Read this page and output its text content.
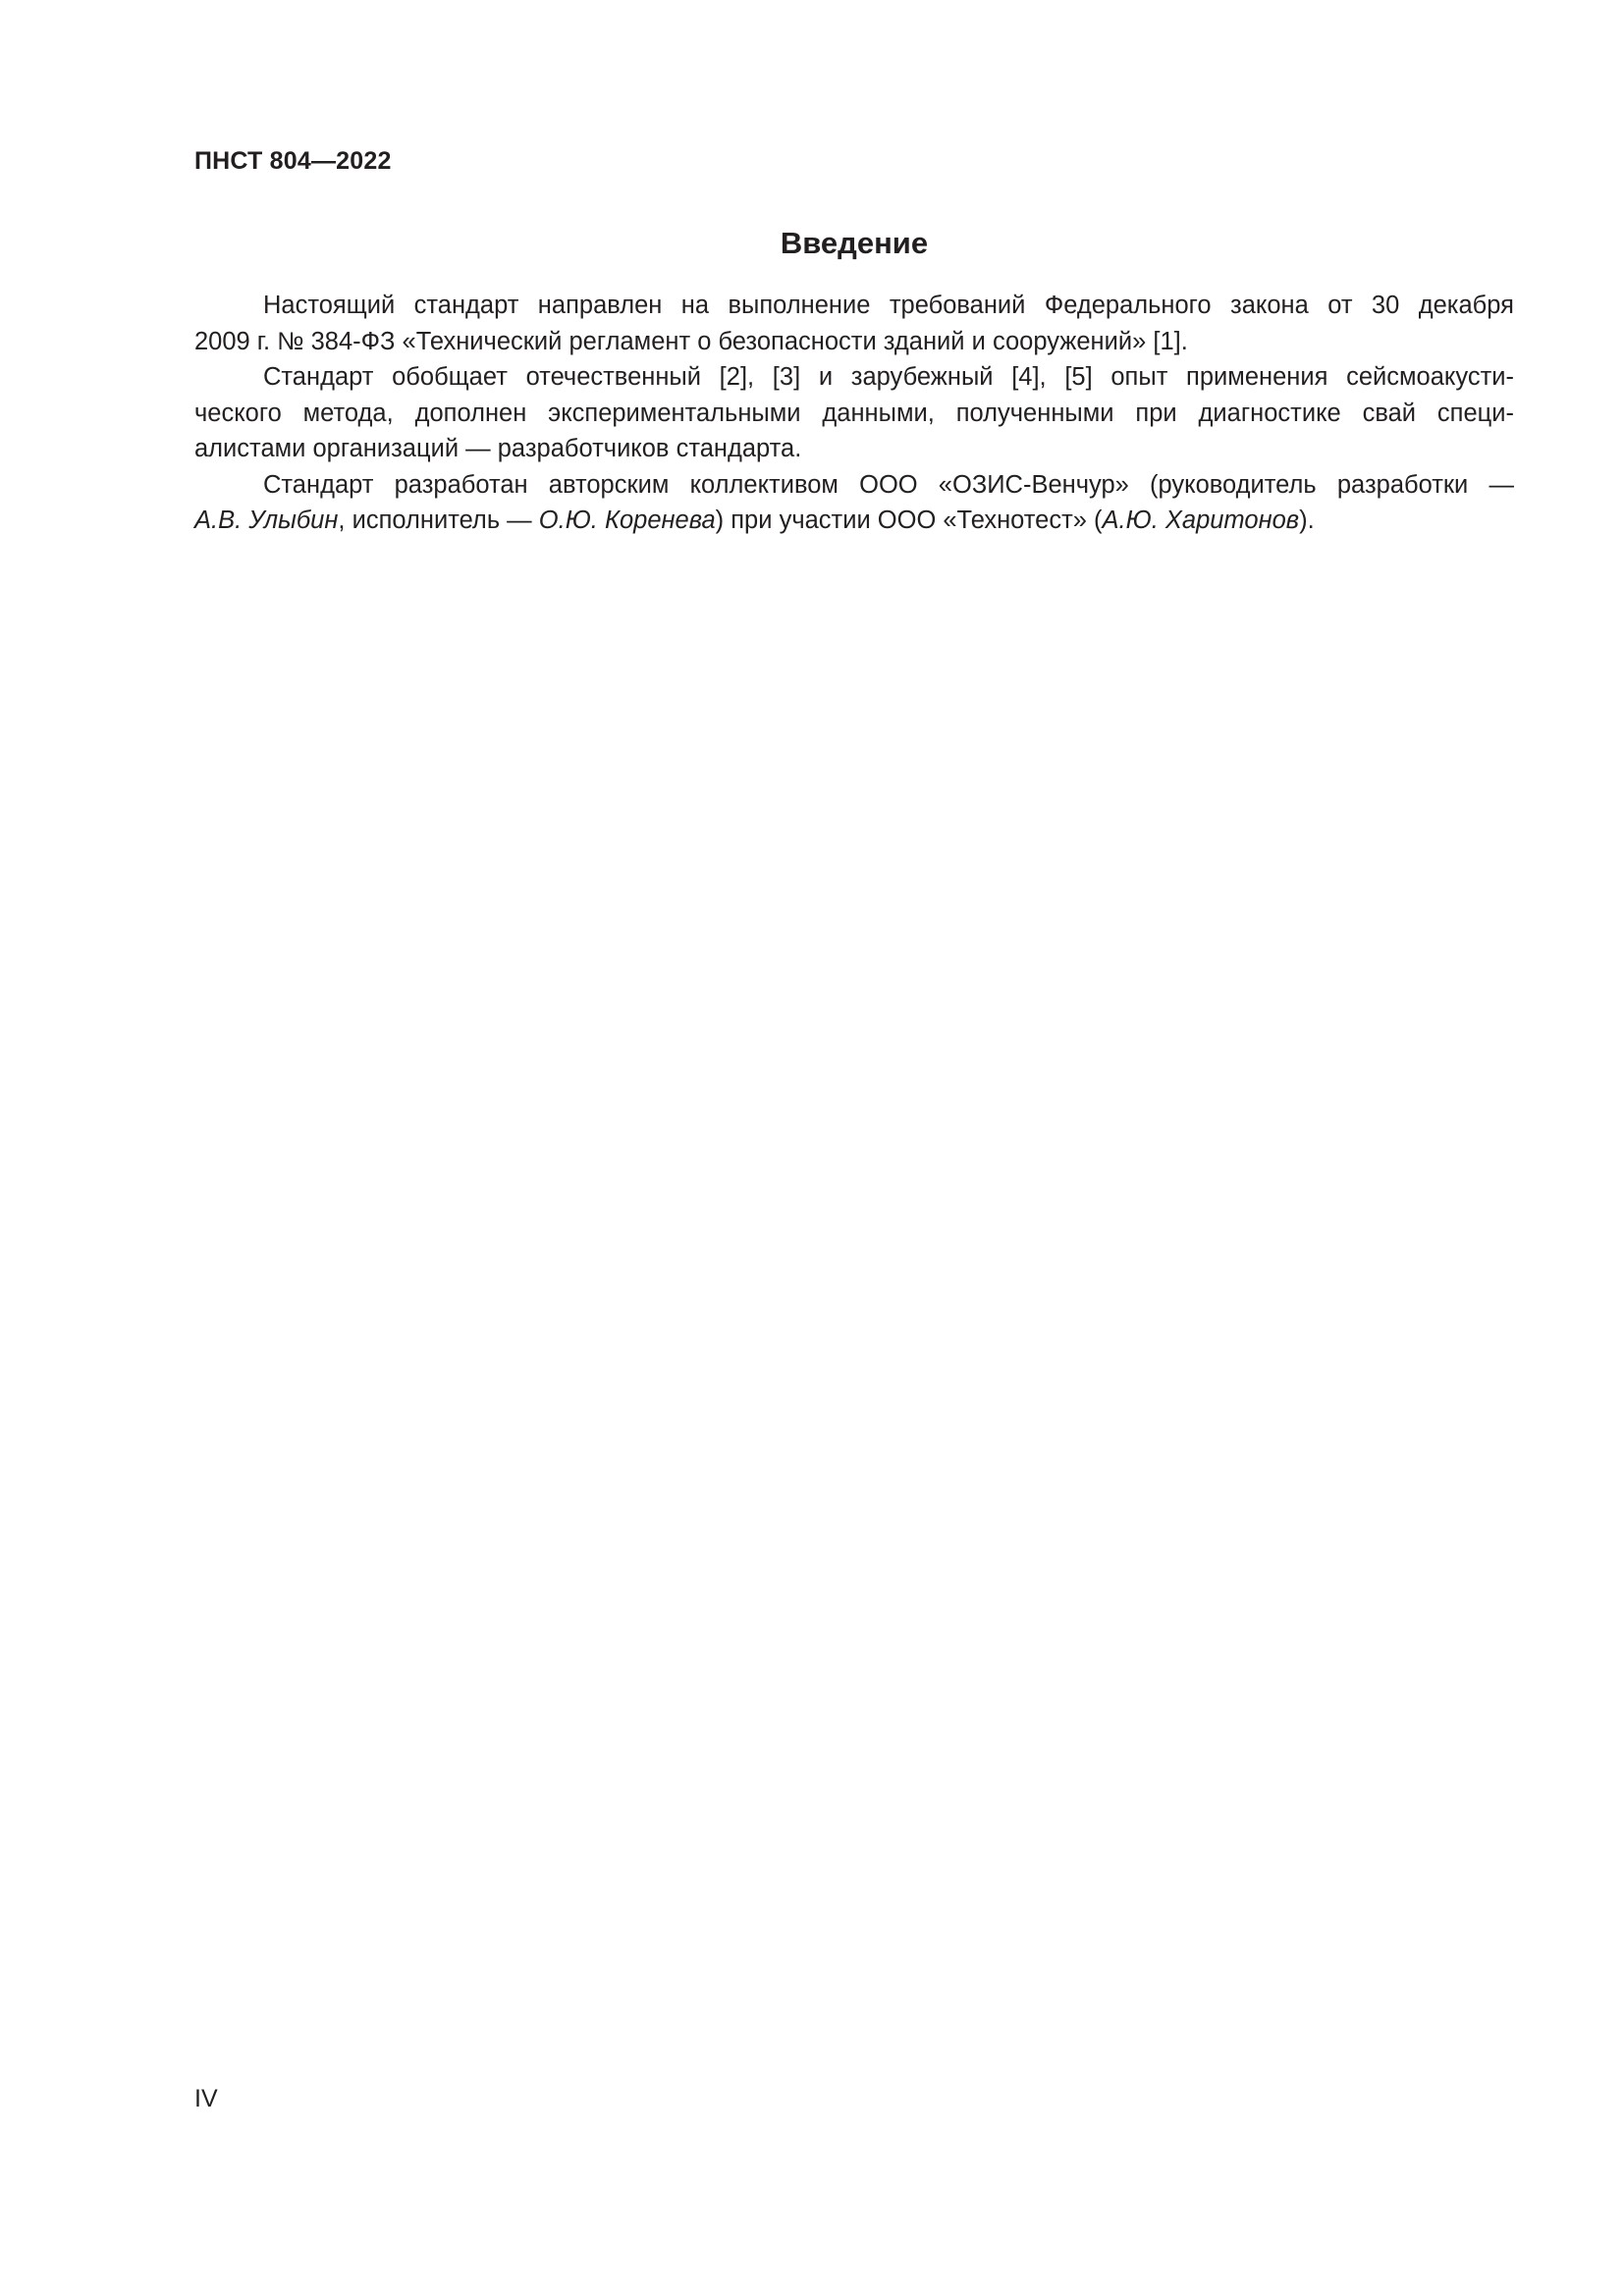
ПНСТ 804—2022

Введение

Настоящий стандарт направлен на выполнение требований Федерального закона от 30 декабря
2009 г. № 384-ФЗ «Технический регламент о безопасности зданий и сооружений» [1].

Стандарт обобщает отечественный [2], [3] и зарубежный [4], [5] опыт применения сейсмоакусти-
ческого метода, дополнен экспериментальными данными, полученными при диагностике свай специ-
алистами организаций — разработчиков стандарта.

Стандарт разработан авторским коллективом ООО «ОЗИС-Венчур» (руководитель разработки —
А.В. Улыбин, исполнитель — О.Ю. Коренева) при участии ООО «Технотест» (А.Ю. Харитонов).

IV
